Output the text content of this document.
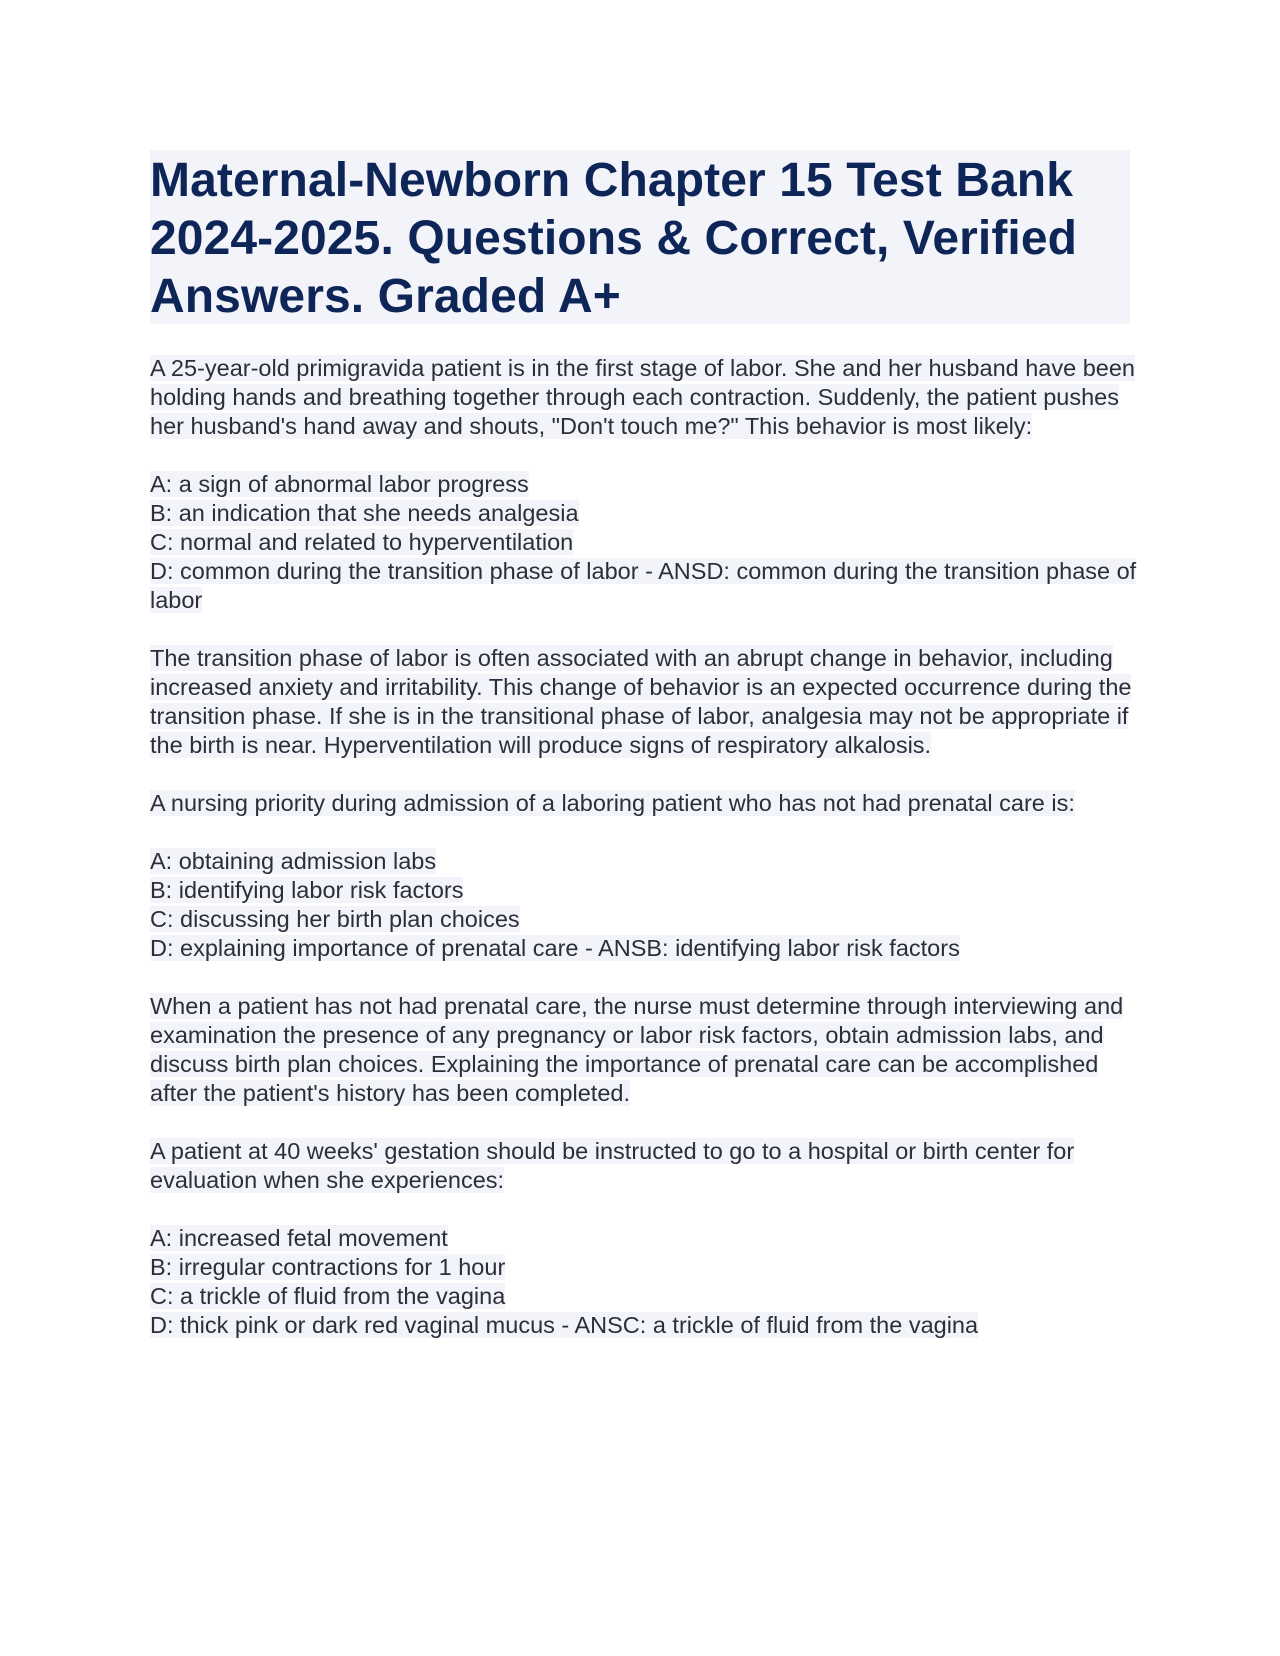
Maternal-Newborn Chapter 15 Test Bank 2024-2025. Questions & Correct, Verified Answers. Graded A+

A 25-year-old primigravida patient is in the first stage of labor. She and her husband have been holding hands and breathing together through each contraction. Suddenly, the patient pushes her husband's hand away and shouts, "Don't touch me?" This behavior is most likely:

A: a sign of abnormal labor progress
B: an indication that she needs analgesia
C: normal and related to hyperventilation
D: common during the transition phase of labor - ANSD: common during the transition phase of labor

The transition phase of labor is often associated with an abrupt change in behavior, including increased anxiety and irritability. This change of behavior is an expected occurrence during the transition phase. If she is in the transitional phase of labor, analgesia may not be appropriate if the birth is near. Hyperventilation will produce signs of respiratory alkalosis.

A nursing priority during admission of a laboring patient who has not had prenatal care is:

A: obtaining admission labs
B: identifying labor risk factors
C: discussing her birth plan choices
D: explaining importance of prenatal care - ANSB: identifying labor risk factors

When a patient has not had prenatal care, the nurse must determine through interviewing and examination the presence of any pregnancy or labor risk factors, obtain admission labs, and discuss birth plan choices. Explaining the importance of prenatal care can be accomplished after the patient's history has been completed.

A patient at 40 weeks' gestation should be instructed to go to a hospital or birth center for evaluation when she experiences:

A: increased fetal movement
B: irregular contractions for 1 hour
C: a trickle of fluid from the vagina
D: thick pink or dark red vaginal mucus - ANSC: a trickle of fluid from the vagina
